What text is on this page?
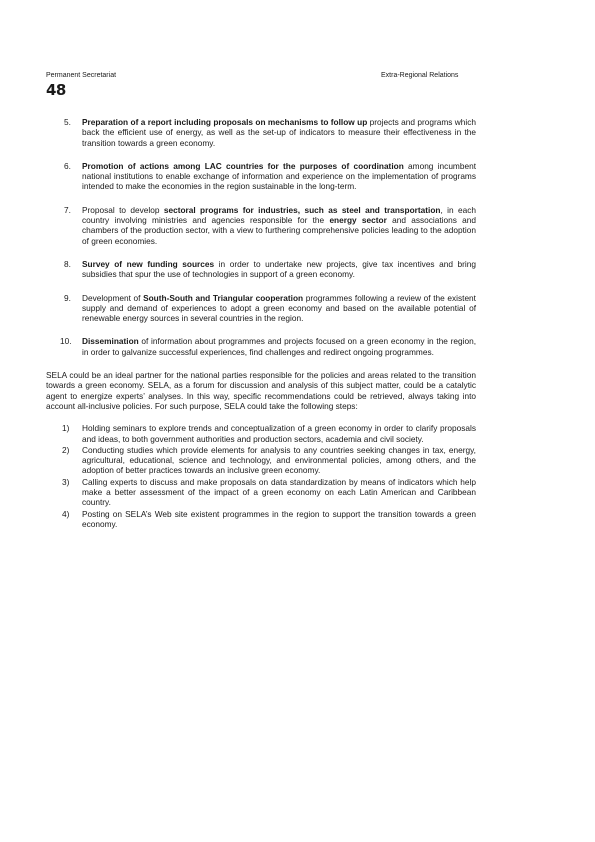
Permanent Secretariat	Extra-Regional Relations
48
5. Preparation of a report including proposals on mechanisms to follow up projects and programs which back the efficient use of energy, as well as the set-up of indicators to measure their effectiveness in the transition towards a green economy.
6. Promotion of actions among LAC countries for the purposes of coordination among incumbent national institutions to enable exchange of information and experience on the implementation of programs intended to make the economies in the region sustainable in the long-term.
7. Proposal to develop sectoral programs for industries, such as steel and transportation, in each country involving ministries and agencies responsible for the energy sector and associations and chambers of the production sector, with a view to furthering comprehensive policies leading to the adoption of green economies.
8. Survey of new funding sources in order to undertake new projects, give tax incentives and bring subsidies that spur the use of technologies in support of a green economy.
9. Development of South-South and Triangular cooperation programmes following a review of the existent supply and demand of experiences to adopt a green economy and based on the available potential of renewable energy sources in several countries in the region.
10. Dissemination of information about programmes and projects focused on a green economy in the region, in order to galvanize successful experiences, find challenges and redirect ongoing programmes.

SELA could be an ideal partner for the national parties responsible for the policies and areas related to the transition towards a green economy. SELA, as a forum for discussion and analysis of this subject matter, could be a catalytic agent to energize experts’ analyses. In this way, specific recommendations could be retrieved, always taking into account all-inclusive policies. For such purpose, SELA could take the following steps:

1) Holding seminars to explore trends and conceptualization of a green economy in order to clarify proposals and ideas, to both government authorities and production sectors, academia and civil society.
2) Conducting studies which provide elements for analysis to any countries seeking changes in tax, energy, agricultural, educational, science and technology, and environmental policies, among others, and the adoption of better practices towards an inclusive green economy.
3) Calling experts to discuss and make proposals on data standardization by means of indicators which help make a better assessment of the impact of a green economy on each Latin American and Caribbean country.
4) Posting on SELA’s Web site existent programmes in the region to support the transition towards a green economy.
